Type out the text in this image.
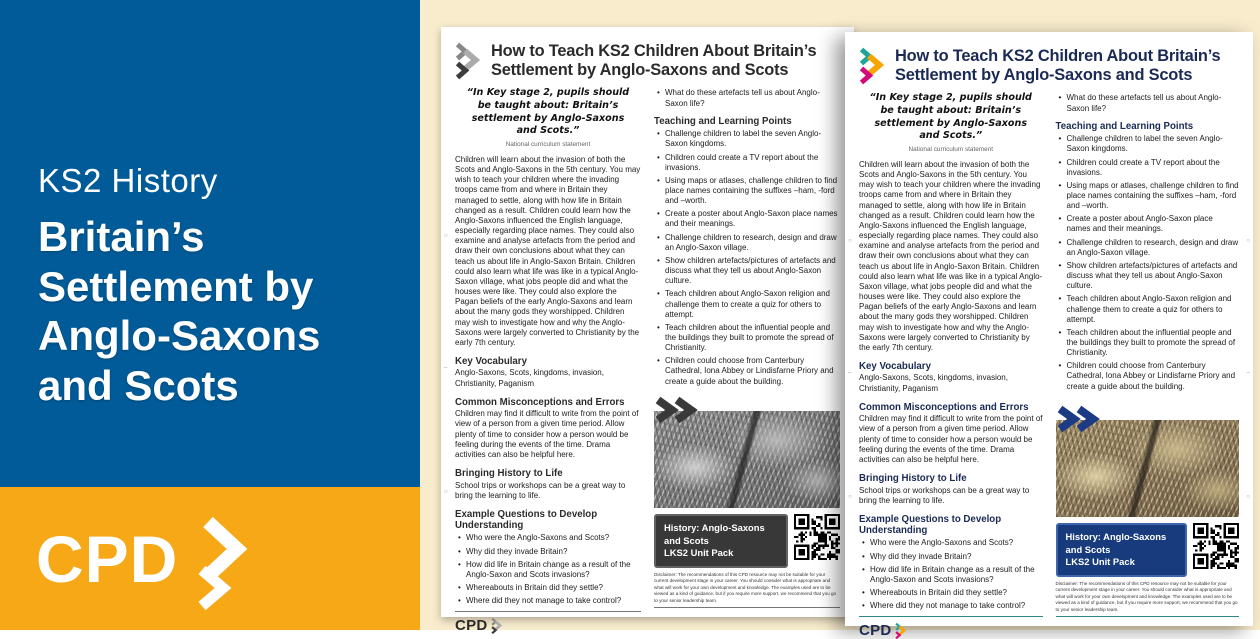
KS2 History
Britain’s Settlement by Anglo-Saxons and Scots
CPD
○
–
○
How to Teach KS2 Children About Britain’s Settlement by Anglo-Saxons and Scots
“In Key stage 2, pupils should be taught about: Britain’s settlement by Anglo-Saxons and Scots.”
National curriculum statement

Children will learn about the invasion of both the Scots and Anglo-Saxons in the 5th century. You may wish to teach your children where the invading troops came from and where in Britain they managed to settle, along with how life in Britain changed as a result. Children could learn how the Anglo-Saxons influenced the English language, especially regarding place names. They could also examine and analyse artefacts from the period and draw their own conclusions about what they can teach us about life in Anglo-Saxon Britain. Children could also learn what life was like in a typical Anglo-Saxon village, what jobs people did and what the houses were like. They could also explore the Pagan beliefs of the early Anglo-Saxons and learn about the many gods they worshipped. Children may wish to investigate how and why the Anglo-Saxons were largely converted to Christianity by the early 7th century.

Key Vocabulary

Anglo-Saxons, Scots, kingdoms, invasion, Christianity, Paganism

Common Misconceptions and Errors

Children may find it difficult to write from the point of view of a person from a given time period. Allow plenty of time to consider how a person would be feeling during the events of the time. Drama activities can also be helpful here.

Bringing History to Life

School trips or workshops can be a great way to bring the learning to life.

Example Questions to Develop Understanding
• Who were the Anglo-Saxons and Scots?
• Why did they invade Britain?
• How did life in Britain change as a result of the Anglo-Saxon and Scots invasions?
• Whereabouts in Britain did they settle?
• Where did they not manage to take control?
CPD
• What do these artefacts tell us about Anglo-Saxon life?
Teaching and Learning Points
• Challenge children to label the seven Anglo-Saxon kingdoms.
• Children could create a TV report about the invasions.
• Using maps or atlases, challenge children to find place names containing the suffixes –ham, -ford and –worth.
• Create a poster about Anglo-Saxon place names and their meanings.
• Challenge children to research, design and draw an Anglo-Saxon village.
• Show children artefacts/pictures of artefacts and discuss what they tell us about Anglo-Saxon culture.
• Teach children about Anglo-Saxon religion and challenge them to create a quiz for others to attempt.
• Teach children about the influential people and the buildings they built to promote the spread of Christianity.
• Children could choose from Canterbury Cathedral, Iona Abbey or Lindisfarne Priory and create a guide about the building.
History: Anglo-Saxons and Scots
LKS2 Unit Pack

Disclaimer: The recommendations of this CPD resource may not be suitable for your current development stage in your career. You should consider what is appropriate and what will work for your own development and knowledge. The examples used are to be viewed as a kind of guidance, but if you require more support, we recommend that you go to your senior leadership team.

○
–
○
○
–
○
How to Teach KS2 Children About Britain’s Settlement by Anglo-Saxons and Scots
“In Key stage 2, pupils should be taught about: Britain’s settlement by Anglo-Saxons and Scots.”
National curriculum statement

Children will learn about the invasion of both the Scots and Anglo-Saxons in the 5th century. You may wish to teach your children where the invading troops came from and where in Britain they managed to settle, along with how life in Britain changed as a result. Children could learn how the Anglo-Saxons influenced the English language, especially regarding place names. They could also examine and analyse artefacts from the period and draw their own conclusions about what they can teach us about life in Anglo-Saxon Britain. Children could also learn what life was like in a typical Anglo-Saxon village, what jobs people did and what the houses were like. They could also explore the Pagan beliefs of the early Anglo-Saxons and learn about the many gods they worshipped. Children may wish to investigate how and why the Anglo-Saxons were largely converted to Christianity by the early 7th century.

Key Vocabulary

Anglo-Saxons, Scots, kingdoms, invasion, Christianity, Paganism

Common Misconceptions and Errors

Children may find it difficult to write from the point of view of a person from a given time period. Allow plenty of time to consider how a person would be feeling during the events of the time. Drama activities can also be helpful here.

Bringing History to Life

School trips or workshops can be a great way to bring the learning to life.

Example Questions to Develop Understanding
• Who were the Anglo-Saxons and Scots?
• Why did they invade Britain?
• How did life in Britain change as a result of the Anglo-Saxon and Scots invasions?
• Whereabouts in Britain did they settle?
• Where did they not manage to take control?
CPD
• What do these artefacts tell us about Anglo-Saxon life?
Teaching and Learning Points
• Challenge children to label the seven Anglo-Saxon kingdoms.
• Children could create a TV report about the invasions.
• Using maps or atlases, challenge children to find place names containing the suffixes –ham, -ford and –worth.
• Create a poster about Anglo-Saxon place names and their meanings.
• Challenge children to research, design and draw an Anglo-Saxon village.
• Show children artefacts/pictures of artefacts and discuss what they tell us about Anglo-Saxon culture.
• Teach children about Anglo-Saxon religion and challenge them to create a quiz for others to attempt.
• Teach children about the influential people and the buildings they built to promote the spread of Christianity.
• Children could choose from Canterbury Cathedral, Iona Abbey or Lindisfarne Priory and create a guide about the building.
History: Anglo-Saxons and Scots
LKS2 Unit Pack

Disclaimer: The recommendations of this CPD resource may not be suitable for your current development stage in your career. You should consider what is appropriate and what will work for your own development and knowledge. The examples used are to be viewed as a kind of guidance, but if you require more support, we recommend that you go to your senior leadership team.
